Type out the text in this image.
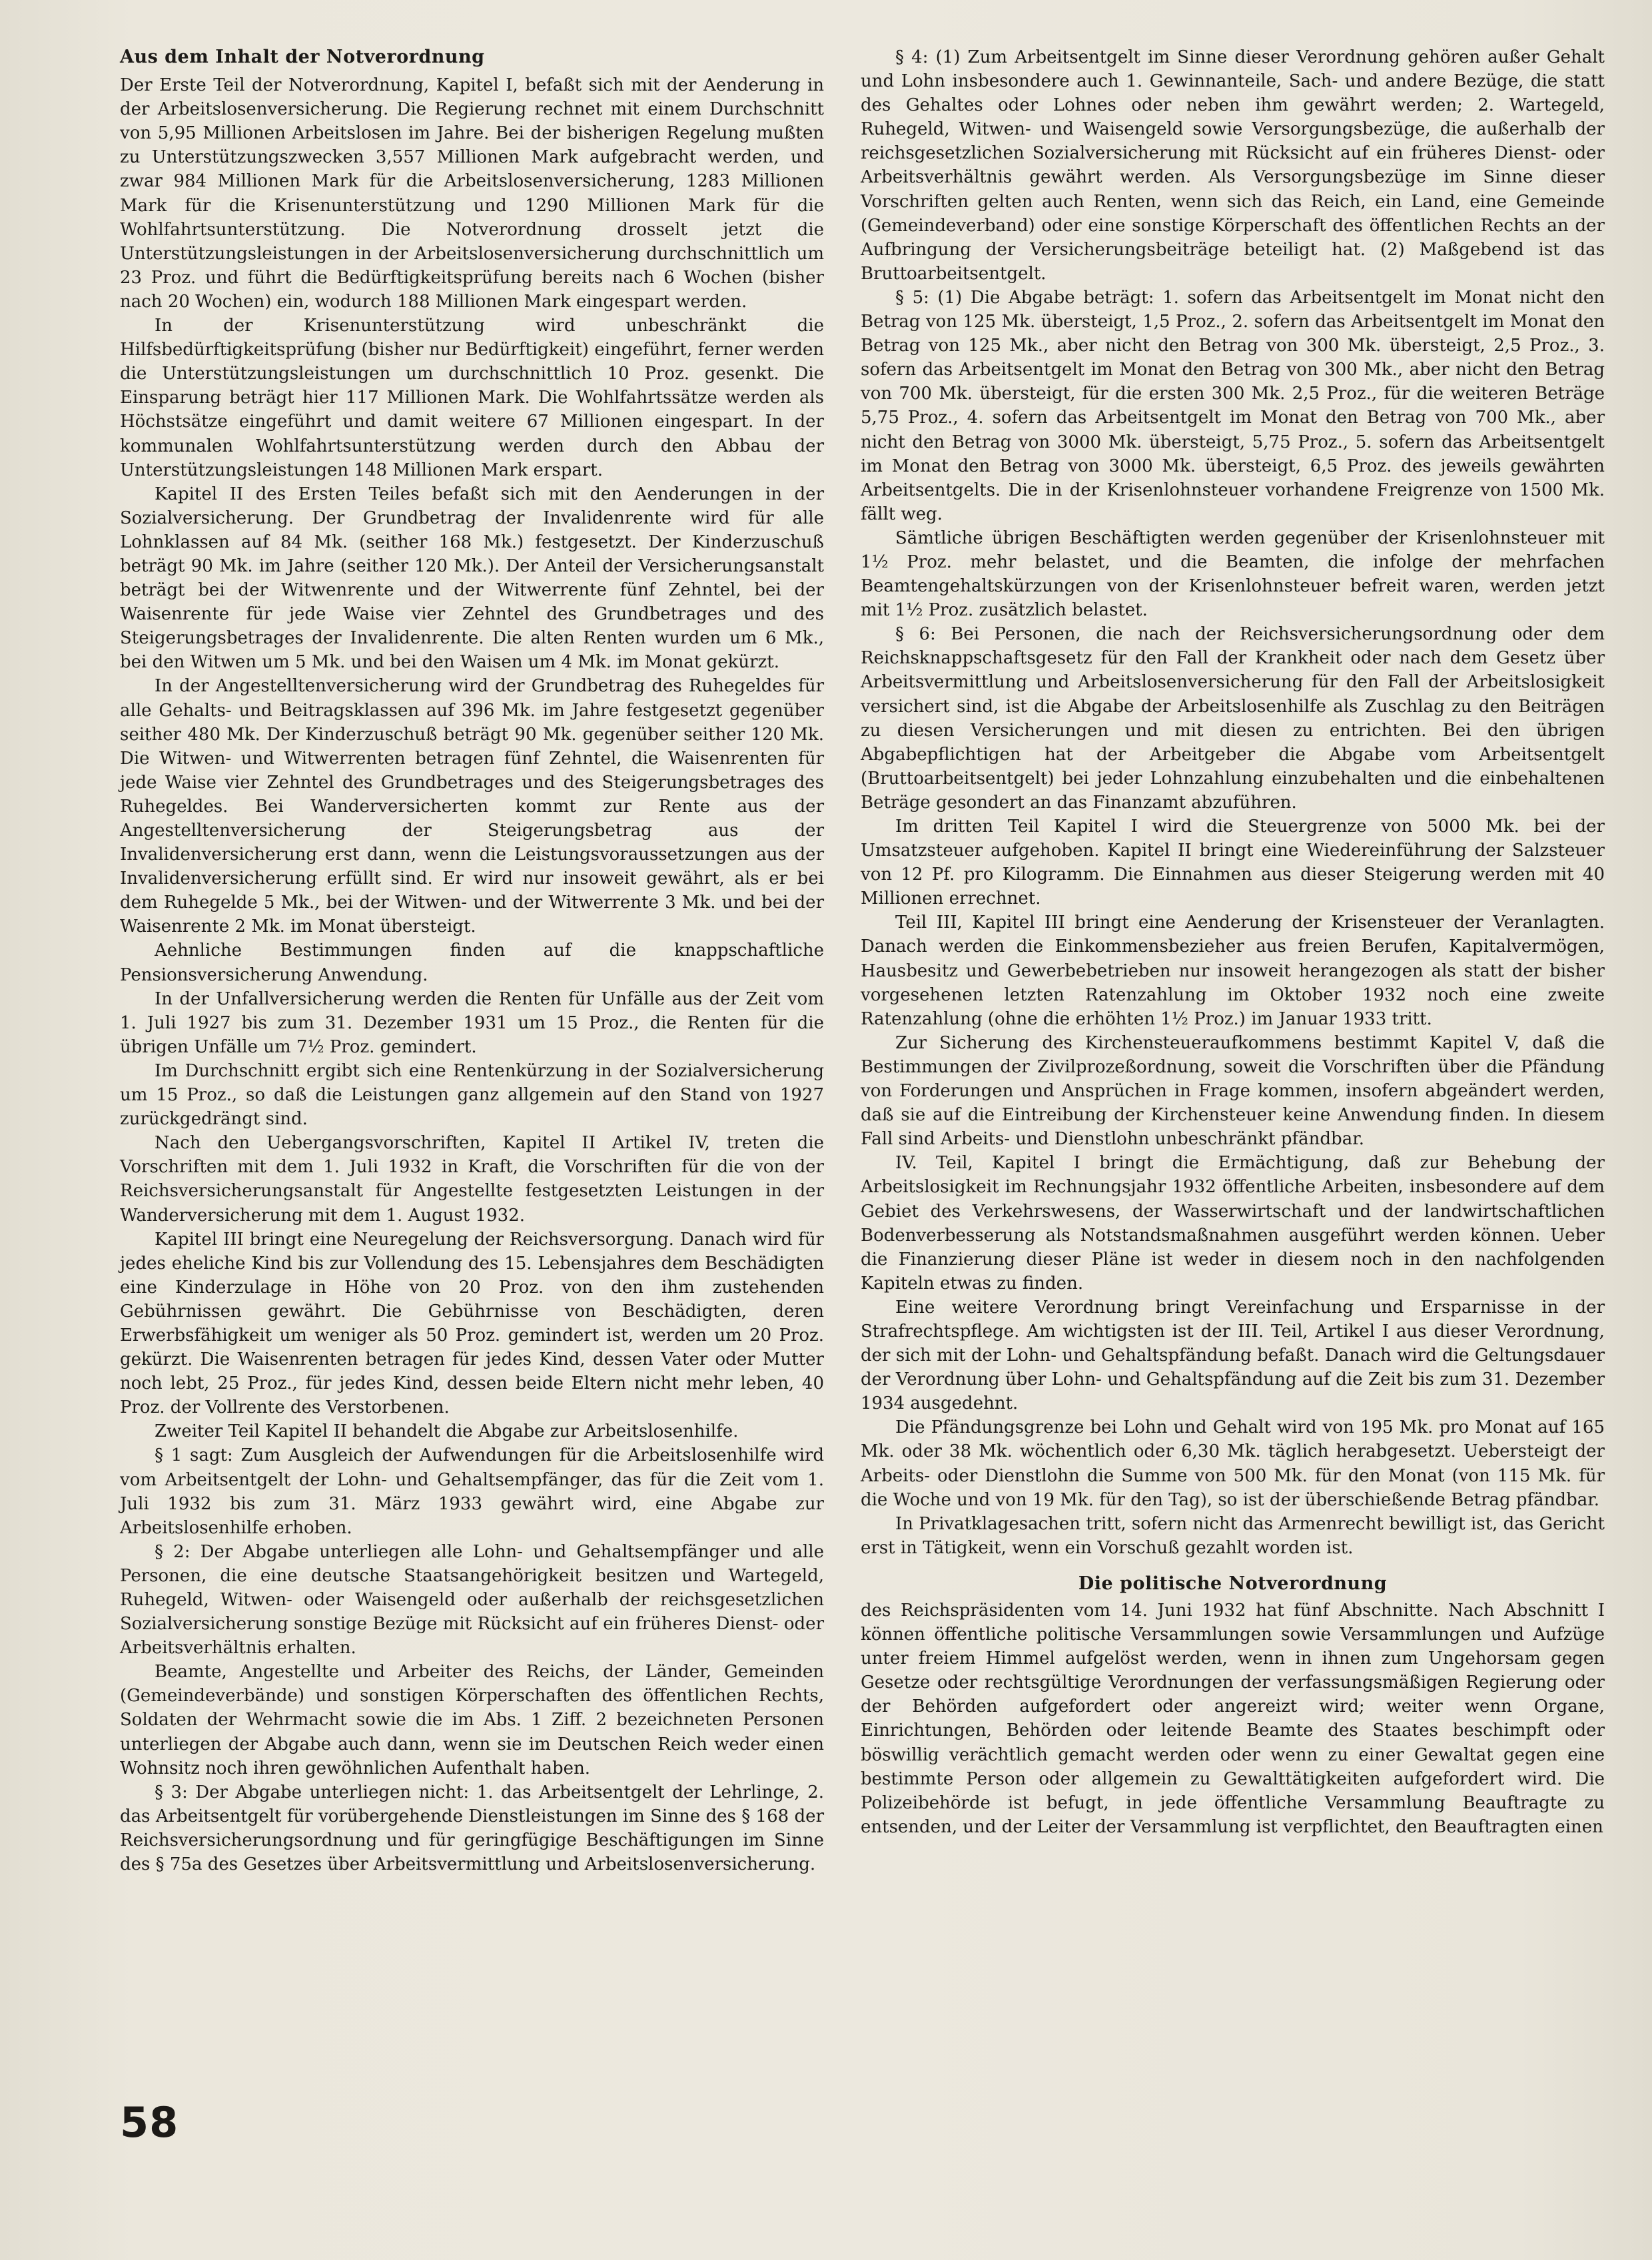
Aus dem Inhalt der Notverordnung

Der Erste Teil der Notverordnung, Kapitel I, befaßt sich mit der Aenderung in der Arbeitslosenversicherung. Die Regierung rechnet mit einem Durchschnitt von 5,95 Millionen Arbeitslosen im Jahre. Bei der bisherigen Regelung mußten zu Unterstützungszwecken 3,557 Millionen Mark aufgebracht werden, und zwar 984 Millionen Mark für die Arbeitslosenversicherung, 1283 Millionen Mark für die Krisenunterstützung und 1290 Millionen Mark für die Wohlfahrtsunterstützung. Die Notverordnung drosselt jetzt die Unterstützungsleistungen in der Arbeitslosenversicherung durchschnittlich um 23 Proz. und führt die Bedürftigkeitsprüfung bereits nach 6 Wochen (bisher nach 20 Wochen) ein, wodurch 188 Millionen Mark eingespart werden.

In der Krisenunterstützung wird unbeschränkt die Hilfsbedürftigkeitsprüfung (bisher nur Bedürftigkeit) eingeführt, ferner werden die Unterstützungsleistungen um durchschnittlich 10 Proz. gesenkt. Die Einsparung beträgt hier 117 Millionen Mark. Die Wohlfahrtssätze werden als Höchstsätze eingeführt und damit weitere 67 Millionen eingespart. In der kommunalen Wohlfahrtsunterstützung werden durch den Abbau der Unterstützungsleistungen 148 Millionen Mark erspart.

Kapitel II des Ersten Teiles befaßt sich mit den Aenderungen in der Sozialversicherung. Der Grundbetrag der Invalidenrente wird für alle Lohnklassen auf 84 Mk. (seither 168 Mk.) festgesetzt. Der Kinderzuschuß beträgt 90 Mk. im Jahre (seither 120 Mk.). Der Anteil der Versicherungsanstalt beträgt bei der Witwenrente und der Witwerrente fünf Zehntel, bei der Waisenrente für jede Waise vier Zehntel des Grundbetrages und des Steigerungsbetrages der Invalidenrente. Die alten Renten wurden um 6 Mk., bei den Witwen um 5 Mk. und bei den Waisen um 4 Mk. im Monat gekürzt.

In der Angestelltenversicherung wird der Grundbetrag des Ruhegeldes für alle Gehalts- und Beitragsklassen auf 396 Mk. im Jahre festgesetzt gegenüber seither 480 Mk. Der Kinderzuschuß beträgt 90 Mk. gegenüber seither 120 Mk. Die Witwen- und Witwerrenten betragen fünf Zehntel, die Waisenrenten für jede Waise vier Zehntel des Grundbetrages und des Steigerungsbetrages des Ruhegeldes. Bei Wanderversicherten kommt zur Rente aus der Angestelltenversicherung der Steigerungsbetrag aus der Invalidenversicherung erst dann, wenn die Leistungsvoraussetzungen aus der Invalidenversicherung erfüllt sind. Er wird nur insoweit gewährt, als er bei dem Ruhegelde 5 Mk., bei der Witwen- und der Witwerrente 3 Mk. und bei der Waisenrente 2 Mk. im Monat übersteigt.

Aehnliche Bestimmungen finden auf die knappschaftliche Pensionsversicherung Anwendung.

In der Unfallversicherung werden die Renten für Unfälle aus der Zeit vom 1. Juli 1927 bis zum 31. Dezember 1931 um 15 Proz., die Renten für die übrigen Unfälle um 7½ Proz. gemindert.

Im Durchschnitt ergibt sich eine Rentenkürzung in der Sozialversicherung um 15 Proz., so daß die Leistungen ganz allgemein auf den Stand von 1927 zurückgedrängt sind.

Nach den Uebergangsvorschriften, Kapitel II Artikel IV, treten die Vorschriften mit dem 1. Juli 1932 in Kraft, die Vorschriften für die von der Reichsversicherungsanstalt für Angestellte festgesetzten Leistungen in der Wanderversicherung mit dem 1. August 1932.

Kapitel III bringt eine Neuregelung der Reichsversorgung. Danach wird für jedes eheliche Kind bis zur Vollendung des 15. Lebensjahres dem Beschädigten eine Kinderzulage in Höhe von 20 Proz. von den ihm zustehenden Gebührnissen gewährt. Die Gebührnisse von Beschädigten, deren Erwerbsfähigkeit um weniger als 50 Proz. gemindert ist, werden um 20 Proz. gekürzt. Die Waisenrenten betragen für jedes Kind, dessen Vater oder Mutter noch lebt, 25 Proz., für jedes Kind, dessen beide Eltern nicht mehr leben, 40 Proz. der Vollrente des Verstorbenen.

Zweiter Teil Kapitel II behandelt die Abgabe zur Arbeitslosenhilfe.

§ 1 sagt: Zum Ausgleich der Aufwendungen für die Arbeitslosenhilfe wird vom Arbeitsentgelt der Lohn- und Gehaltsempfänger, das für die Zeit vom 1. Juli 1932 bis zum 31. März 1933 gewährt wird, eine Abgabe zur Arbeitslosenhilfe erhoben.

§ 2: Der Abgabe unterliegen alle Lohn- und Gehaltsempfänger und alle Personen, die eine deutsche Staatsangehörigkeit besitzen und Wartegeld, Ruhegeld, Witwen- oder Waisengeld oder außerhalb der reichsgesetzlichen Sozialversicherung sonstige Bezüge mit Rücksicht auf ein früheres Dienst- oder Arbeitsverhältnis erhalten.

Beamte, Angestellte und Arbeiter des Reichs, der Länder, Gemeinden (Gemeindeverbände) und sonstigen Körperschaften des öffentlichen Rechts, Soldaten der Wehrmacht sowie die im Abs. 1 Ziff. 2 bezeichneten Personen unterliegen der Abgabe auch dann, wenn sie im Deutschen Reich weder einen Wohnsitz noch ihren gewöhnlichen Aufenthalt haben.

§ 3: Der Abgabe unterliegen nicht: 1. das Arbeitsentgelt der Lehrlinge, 2. das Arbeitsentgelt für vorübergehende Dienstleistungen im Sinne des § 168 der Reichsversicherungsordnung und für geringfügige Beschäftigungen im Sinne des § 75a des Gesetzes über Arbeitsvermittlung und Arbeitslosenversicherung.

§ 4: (1) Zum Arbeitsentgelt im Sinne dieser Verordnung gehören außer Gehalt und Lohn insbesondere auch 1. Gewinnanteile, Sach- und andere Bezüge, die statt des Gehaltes oder Lohnes oder neben ihm gewährt werden; 2. Wartegeld, Ruhegeld, Witwen- und Waisengeld sowie Versorgungsbezüge, die außerhalb der reichsgesetzlichen Sozialversicherung mit Rücksicht auf ein früheres Dienst- oder Arbeitsverhältnis gewährt werden. Als Versorgungsbezüge im Sinne dieser Vorschriften gelten auch Renten, wenn sich das Reich, ein Land, eine Gemeinde (Gemeindeverband) oder eine sonstige Körperschaft des öffentlichen Rechts an der Aufbringung der Versicherungsbeiträge beteiligt hat. (2) Maßgebend ist das Bruttoarbeitsentgelt.

§ 5: (1) Die Abgabe beträgt: 1. sofern das Arbeitsentgelt im Monat nicht den Betrag von 125 Mk. übersteigt, 1,5 Proz., 2. sofern das Arbeitsentgelt im Monat den Betrag von 125 Mk., aber nicht den Betrag von 300 Mk. übersteigt, 2,5 Proz., 3. sofern das Arbeitsentgelt im Monat den Betrag von 300 Mk., aber nicht den Betrag von 700 Mk. übersteigt, für die ersten 300 Mk. 2,5 Proz., für die weiteren Beträge 5,75 Proz., 4. sofern das Arbeitsentgelt im Monat den Betrag von 700 Mk., aber nicht den Betrag von 3000 Mk. übersteigt, 5,75 Proz., 5. sofern das Arbeitsentgelt im Monat den Betrag von 3000 Mk. übersteigt, 6,5 Proz. des jeweils gewährten Arbeitsentgelts. Die in der Krisenlohnsteuer vorhandene Freigrenze von 1500 Mk. fällt weg.

Sämtliche übrigen Beschäftigten werden gegenüber der Krisenlohnsteuer mit 1½ Proz. mehr belastet, und die Beamten, die infolge der mehrfachen Beamtengehaltskürzungen von der Krisenlohnsteuer befreit waren, werden jetzt mit 1½ Proz. zusätzlich belastet.

§ 6: Bei Personen, die nach der Reichsversicherungsordnung oder dem Reichsknappschaftsgesetz für den Fall der Krankheit oder nach dem Gesetz über Arbeitsvermittlung und Arbeitslosenversicherung für den Fall der Arbeitslosigkeit versichert sind, ist die Abgabe der Arbeitslosenhilfe als Zuschlag zu den Beiträgen zu diesen Versicherungen und mit diesen zu entrichten. Bei den übrigen Abgabepflichtigen hat der Arbeitgeber die Abgabe vom Arbeitsentgelt (Bruttoarbeitsentgelt) bei jeder Lohnzahlung einzubehalten und die einbehaltenen Beträge gesondert an das Finanzamt abzuführen.

Im dritten Teil Kapitel I wird die Steuergrenze von 5000 Mk. bei der Umsatzsteuer aufgehoben. Kapitel II bringt eine Wiedereinführung der Salzsteuer von 12 Pf. pro Kilogramm. Die Einnahmen aus dieser Steigerung werden mit 40 Millionen errechnet.

Teil III, Kapitel III bringt eine Aenderung der Krisensteuer der Veranlagten. Danach werden die Einkommensbezieher aus freien Berufen, Kapitalvermögen, Hausbesitz und Gewerbebetrieben nur insoweit herangezogen als statt der bisher vorgesehenen letzten Ratenzahlung im Oktober 1932 noch eine zweite Ratenzahlung (ohne die erhöhten 1½ Proz.) im Januar 1933 tritt.

Zur Sicherung des Kirchensteueraufkommens bestimmt Kapitel V, daß die Bestimmungen der Zivilprozeßordnung, soweit die Vorschriften über die Pfändung von Forderungen und Ansprüchen in Frage kommen, insofern abgeändert werden, daß sie auf die Eintreibung der Kirchensteuer keine Anwendung finden. In diesem Fall sind Arbeits- und Dienstlohn unbeschränkt pfändbar.

IV. Teil, Kapitel I bringt die Ermächtigung, daß zur Behebung der Arbeitslosigkeit im Rechnungsjahr 1932 öffentliche Arbeiten, insbesondere auf dem Gebiet des Verkehrswesens, der Wasserwirtschaft und der landwirtschaftlichen Bodenverbesserung als Notstandsmaßnahmen ausgeführt werden können. Ueber die Finanzierung dieser Pläne ist weder in diesem noch in den nachfolgenden Kapiteln etwas zu finden.

Eine weitere Verordnung bringt Vereinfachung und Ersparnisse in der Strafrechtspflege. Am wichtigsten ist der III. Teil, Artikel I aus dieser Verordnung, der sich mit der Lohn- und Gehaltspfändung befaßt. Danach wird die Geltungsdauer der Verordnung über Lohn- und Gehaltspfändung auf die Zeit bis zum 31. Dezember 1934 ausgedehnt.

Die Pfändungsgrenze bei Lohn und Gehalt wird von 195 Mk. pro Monat auf 165 Mk. oder 38 Mk. wöchentlich oder 6,30 Mk. täglich herabgesetzt. Uebersteigt der Arbeits- oder Dienstlohn die Summe von 500 Mk. für den Monat (von 115 Mk. für die Woche und von 19 Mk. für den Tag), so ist der überschießende Betrag pfändbar.

In Privatklagesachen tritt, sofern nicht das Armenrecht bewilligt ist, das Gericht erst in Tätigkeit, wenn ein Vorschuß gezahlt worden ist.

Die politische Notverordnung

des Reichspräsidenten vom 14. Juni 1932 hat fünf Abschnitte. Nach Abschnitt I können öffentliche politische Versammlungen sowie Versammlungen und Aufzüge unter freiem Himmel aufgelöst werden, wenn in ihnen zum Ungehorsam gegen Gesetze oder rechtsgültige Verordnungen der verfassungsmäßigen Regierung oder der Behörden aufgefordert oder angereizt wird; weiter wenn Organe, Einrichtungen, Behörden oder leitende Beamte des Staates beschimpft oder böswillig verächtlich gemacht werden oder wenn zu einer Gewaltat gegen eine bestimmte Person oder allgemein zu Gewalttätigkeiten aufgefordert wird. Die Polizeibehörde ist befugt, in jede öffentliche Versammlung Beauftragte zu entsenden, und der Leiter der Versammlung ist verpflichtet, den Beauftragten einen

58
